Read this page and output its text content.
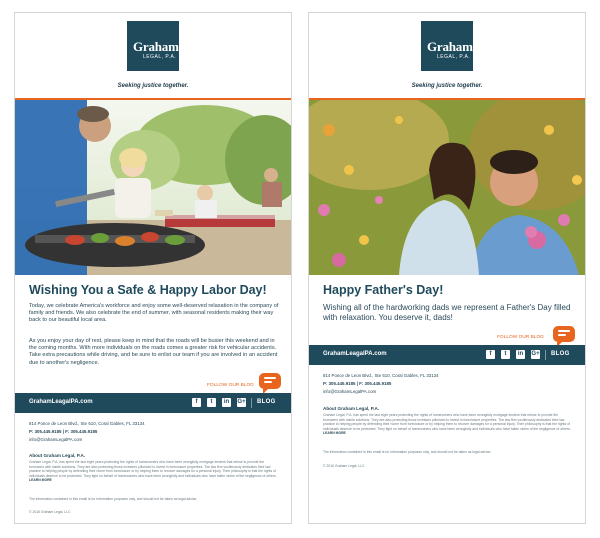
Graham
LEGAL, P.A.
Seeking justice together.
Wishing You a Safe & Happy Labor Day!
Today, we celebrate America's workforce and enjoy some well-deserved relaxation in the company of family and friends. We also celebrate the end of summer, with seasonal residents making their way back to our beautiful local area.
As you enjoy your day of rest, please keep in mind that the roads will be busier this weekend and in the coming months. With more individuals on the roads comes a greater risk for vehicular accidents. Take extra precautions while driving, and be sure to enlist our team if you are involved in an accident due to another's negligence.
FOLLOW OUR BLOG
GrahamLeagalPA.com	f	t	in	G+ BLOG
814 Ponce de Leon Blvd., Ste 610, Coral Gables, FL 33134
P: 305.445.9185 | F: 305.445.9185
info@GrahamLegalPA.com
About Graham Legal, P.A.
Graham Legal, P.A. has spent the last eight years protecting the rights of homeowners who have been wrongfully mortgage lenders that refuse to provide the borrowers with viable solutions. They are also protecting those investors pillorized to invest in foreclosure properties. The law firm vociferously dedicates their law practice to helping people by defending their home from foreclosure or by helping them to recover damages for a personal injury. Their philosophy is that the rights of individuals deserve to be protected. They fight on behalf of homeowners who have been wrongfully and individuals who have fallen victim of the negligence of others. LEARN MORE
The information contained in this email is for information purposes only, and should not be taken as legal advice.
© 2016 Graham Legal, LLC
Graham
LEGAL, P.A.
Seeking justice together.
Happy Father's Day!
Wishing all of the hardworking dads we represent a Father's Day filled with relaxation. You deserve it, dads!
FOLLOW OUR BLOG
GrahamLeagalPA.com	f	t	in	G+ BLOG
814 Ponce de Leon Blvd., Ste 610, Coral Gables, FL 33134
P: 305.445.9185 | F: 305.445.9185
info@GrahamLegalPA.com
About Graham Legal, P.A.
Graham Legal, P.A. has spent the last eight years protecting the rights of homeowners who have been wrongfully mortgage lenders that refuse to provide the borrowers with viable solutions. They are also protecting those investors pillorized to invest in foreclosure properties. The law firm vociferously dedicates their law practice to helping people by defending their home from foreclosure or by helping them to recover damages for a personal injury. Their philosophy is that the rights of individuals deserve to be protected. They fight on behalf of homeowners who have been wrongfully and individuals who have fallen victim of the negligence of others. LEARN MORE
The information contained in this email is for information purposes only, and should not be taken as legal advice.
© 2016 Graham Legal, LLC
